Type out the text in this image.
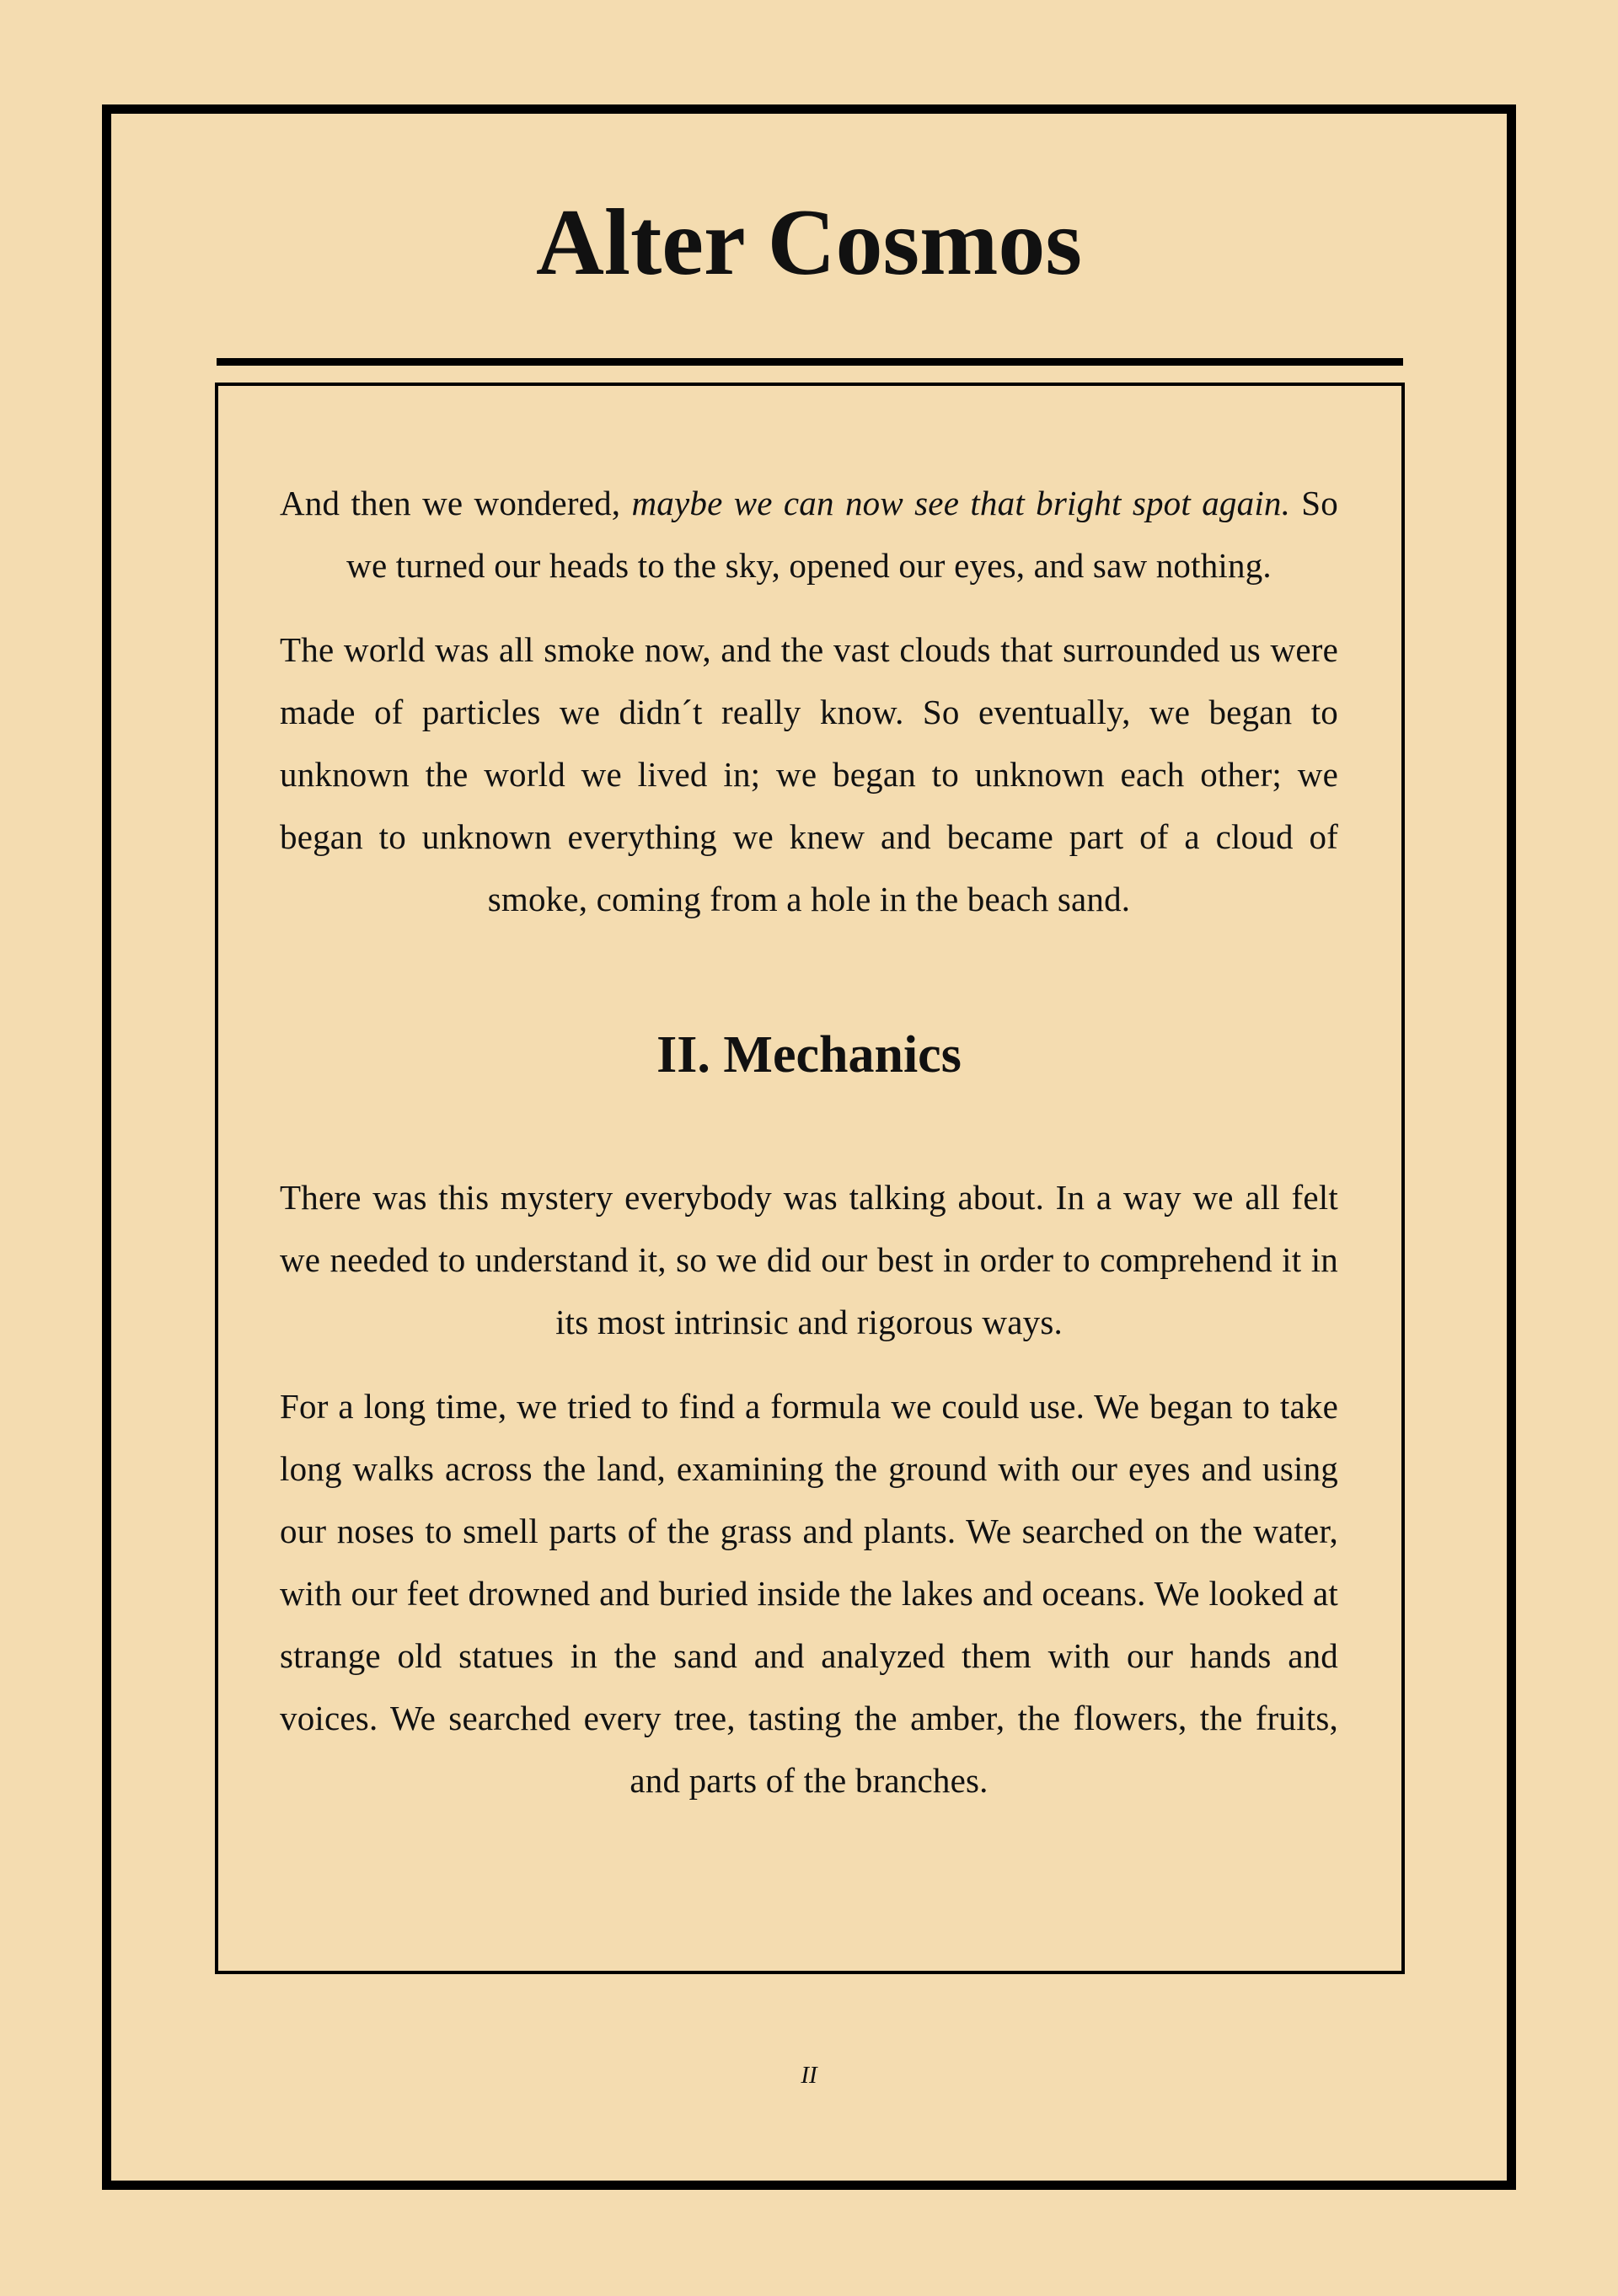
Alter Cosmos

And then we wondered, maybe we can now see that bright spot again. So we turned our heads to the sky, opened our eyes, and saw nothing.

The world was all smoke now, and the vast clouds that surrounded us were made of particles we didn´t really know. So eventually, we began to unknown the world we lived in; we began to unknown each other; we began to unknown everything we knew and became part of a cloud of smoke, coming from a hole in the beach sand.

II. Mechanics

There was this mystery everybody was talking about. In a way we all felt we needed to understand it, so we did our best in order to comprehend it in its most intrinsic and rigorous ways.

For a long time, we tried to find a formula we could use. We began to take long walks across the land, examining the ground with our eyes and using our noses to smell parts of the grass and plants. We searched on the water, with our feet drowned and buried inside the lakes and oceans. We looked at strange old statues in the sand and analyzed them with our hands and voices. We searched every tree, tasting the amber, the flowers, the fruits, and parts of the branches.

II
